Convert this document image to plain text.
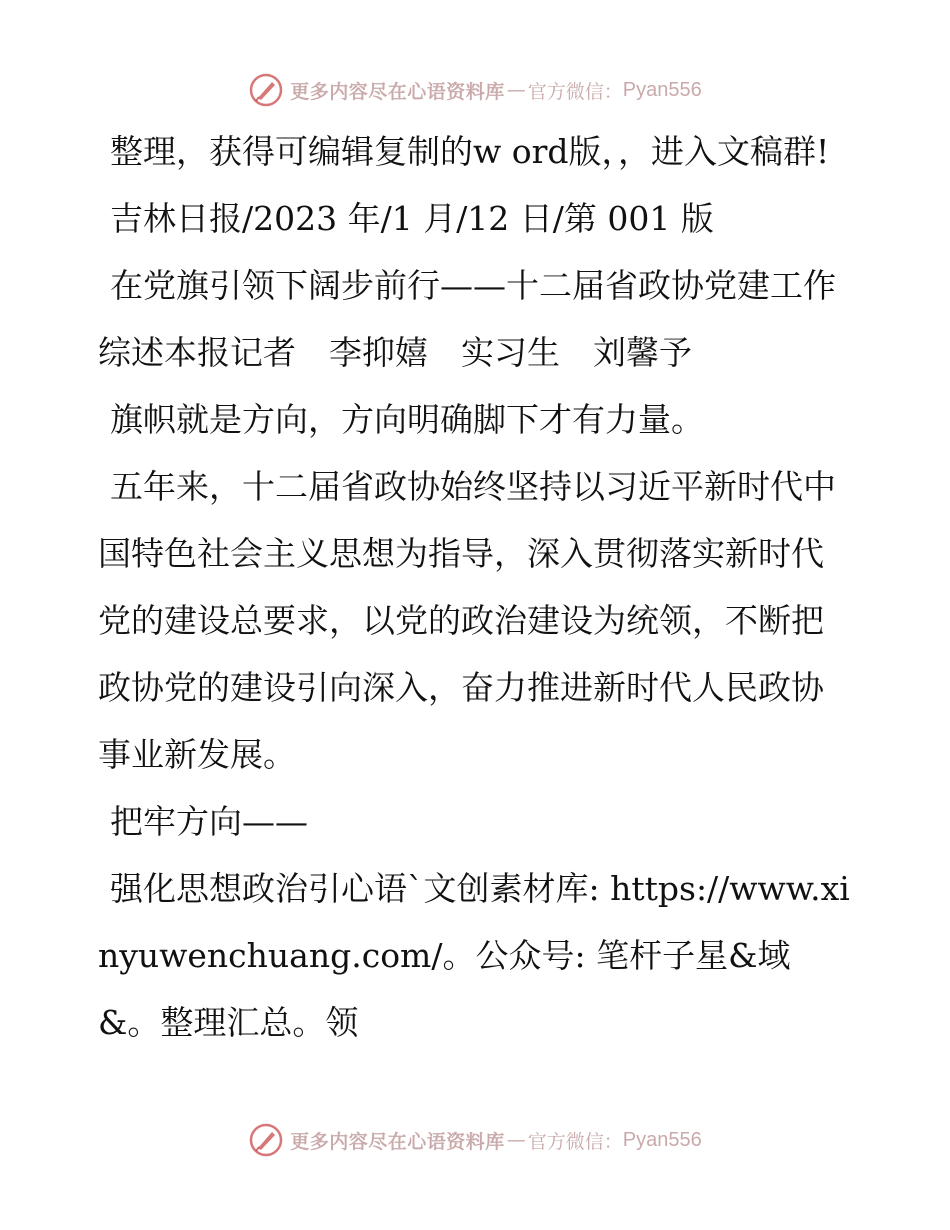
更多内容尽在心语资料库 — 官方微信： Pyan556

整理，获得可编辑复制的w ord版，，进入文稿群!

吉林日报/2023 年/1 月/12 日/第 001 版

在党旗引领下阔步前行——十二届省政协党建工作综述本报记者　李抑嬉　实习生　刘馨予

旗帜就是方向，方向明确脚下才有力量。

五年来，十二届省政协始终坚持以习近平新时代中国特色社会主义思想为指导，深入贯彻落实新时代党的建设总要求，以党的政治建设为统领，不断把政协党的建设引向深入，奋力推进新时代人民政协事业新发展。

把牢方向——

强化思想政治引心语`文创素材库: https://www.xinyuwenchuang.com/。公众号: 笔杆子星&域&。整理汇总。领

更多内容尽在心语资料库 — 官方微信： Pyan556
